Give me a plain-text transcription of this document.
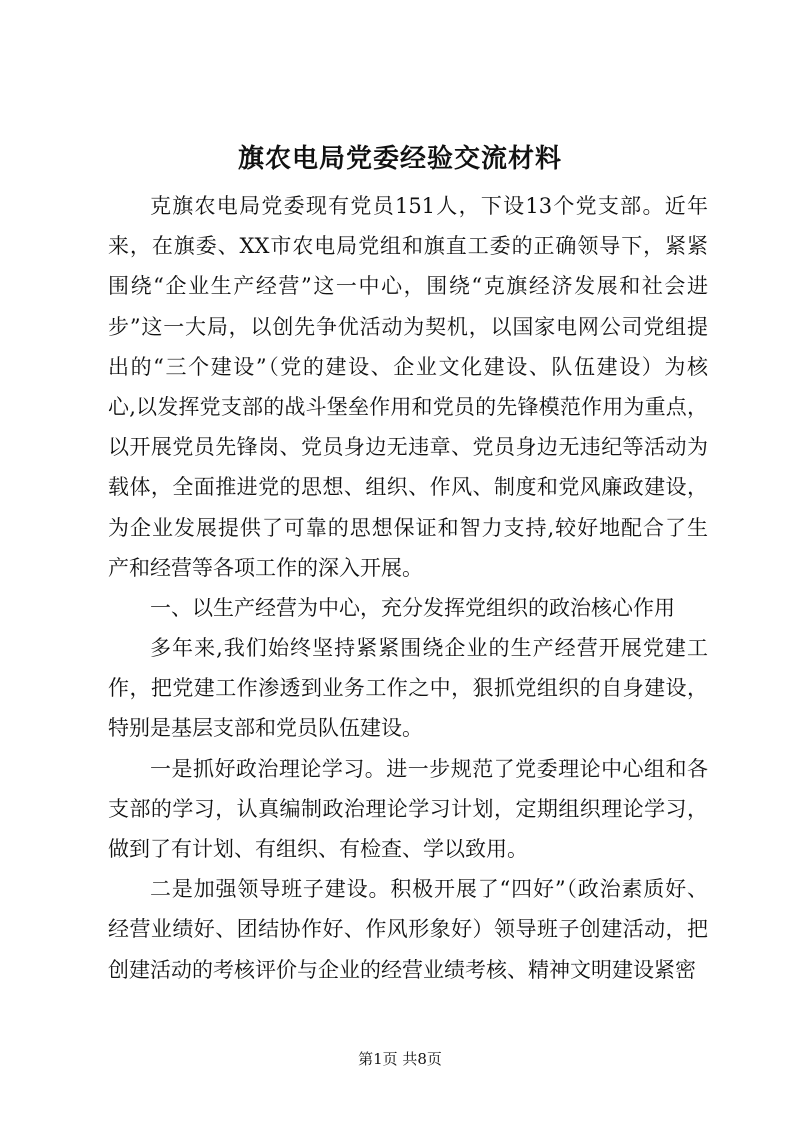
旗农电局党委经验交流材料
克旗农电局党委现有党员151人，下设13个党支部。近年
来，在旗委、XX市农电局党组和旗直工委的正确领导下，紧紧
围绕“企业生产经营”这一中心，围绕“克旗经济发展和社会进
步”这一大局，以创先争优活动为契机，以国家电网公司党组提
出的“三个建设”（党的建设、企业文化建设、队伍建设）为核
心,以发挥党支部的战斗堡垒作用和党员的先锋模范作用为重点，
以开展党员先锋岗、党员身边无违章、党员身边无违纪等活动为
载体，全面推进党的思想、组织、作风、制度和党风廉政建设，
为企业发展提供了可靠的思想保证和智力支持,较好地配合了生
产和经营等各项工作的深入开展。
一、以生产经营为中心，充分发挥党组织的政治核心作用
多年来,我们始终坚持紧紧围绕企业的生产经营开展党建工
作，把党建工作渗透到业务工作之中，狠抓党组织的自身建设，
特别是基层支部和党员队伍建设。
一是抓好政治理论学习。进一步规范了党委理论中心组和各
支部的学习，认真编制政治理论学习计划，定期组织理论学习，
做到了有计划、有组织、有检查、学以致用。
二是加强领导班子建设。积极开展了“四好”（政治素质好、
经营业绩好、团结协作好、作风形象好）领导班子创建活动，把
创建活动的考核评价与企业的经营业绩考核、精神文明建设紧密
第1页 共8页
